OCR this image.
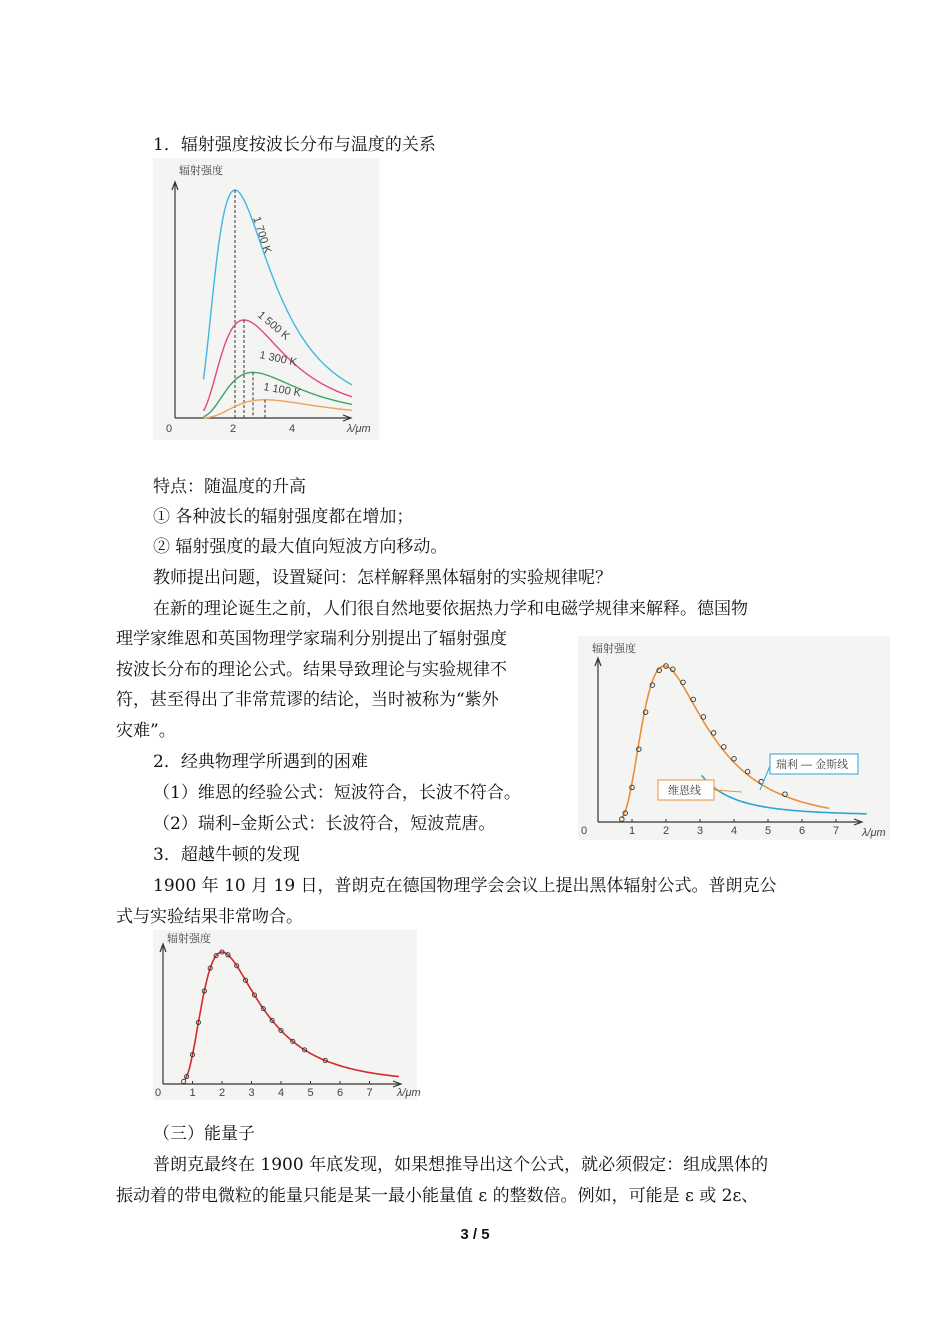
1．辐射强度按波长分布与温度的关系
辐射强度
0	2	4	λ/μm
1 700 K
1 500 K
1 300 K
1 100 K
特点：随温度的升高
① 各种波长的辐射强度都在增加；
② 辐射强度的最大值向短波方向移动。
教师提出问题，设置疑问：怎样解释黑体辐射的实验规律呢？
在新的理论诞生之前，人们很自然地要依据热力学和电磁学规律来解释。德国物
理学家维恩和英国物理学家瑞利分别提出了辐射强度
按波长分布的理论公式。结果导致理论与实验规律不
符，甚至得出了非常荒谬的结论，当时被称为“紫外
灾难”。
2．经典物理学所遇到的困难
（1）维恩的经验公式：短波符合，长波不符合。
（2）瑞利–金斯公式：长波符合，短波荒唐。
3．超越牛顿的发现
1900 年 10 月 19 日，普朗克在德国物理学会会议上提出黑体辐射公式。普朗克公
式与实验结果非常吻合。
辐射强度
0	1	2	3	4	5	6	7 λ/μm
瑞利 — 金斯线
维恩线
辐射强度
0	1 2 3 4 5 6 7 λ/μm
（三）能量子
普朗克最终在 1900 年底发现，如果想推导出这个公式，就必须假定：组成黑体的
振动着的带电微粒的能量只能是某一最小能量值 ε 的整数倍。例如，可能是 ε 或 2ε、
3 / 5
